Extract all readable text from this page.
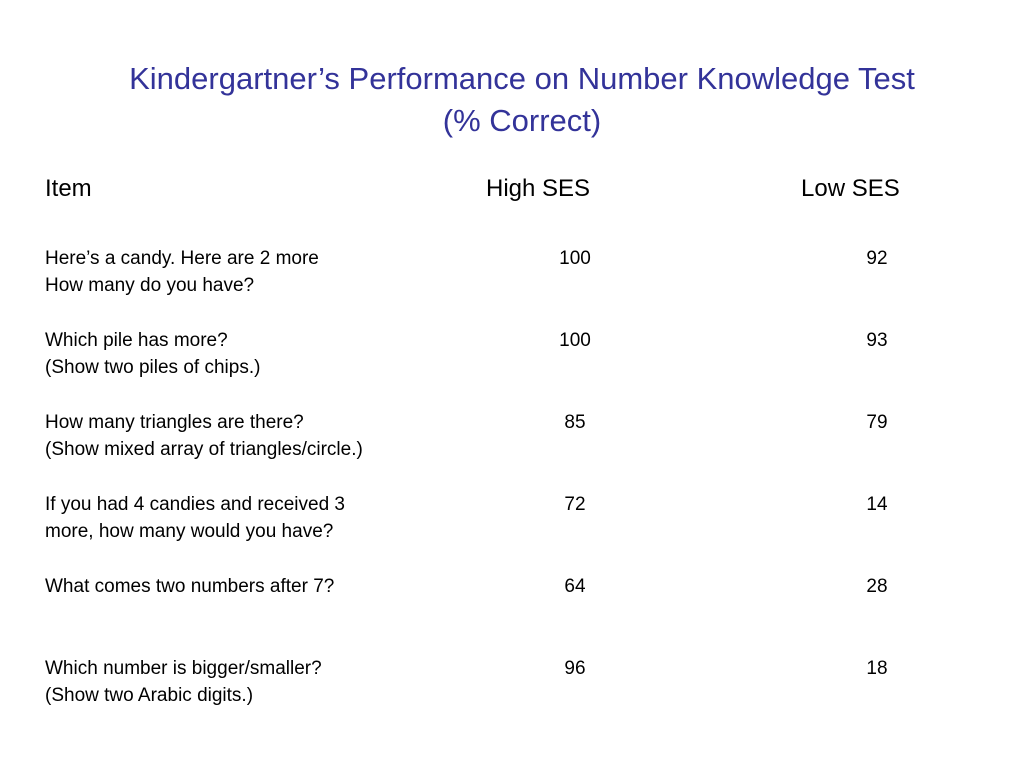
Kindergartner’s Performance on Number Knowledge Test
(% Correct)
Item	High SES	Low SES
Here’s a candy. Here are 2 more
How many do you have?
100	92
Which pile has more?
(Show two piles of chips.)
100	93
How many triangles are there?
(Show mixed array of triangles/circle.)
85	79
If you had 4 candies and received 3
more, how many would you have?
72	14
What comes two numbers after 7?	64	28
Which number is bigger/smaller?
(Show two Arabic digits.)
96	18
